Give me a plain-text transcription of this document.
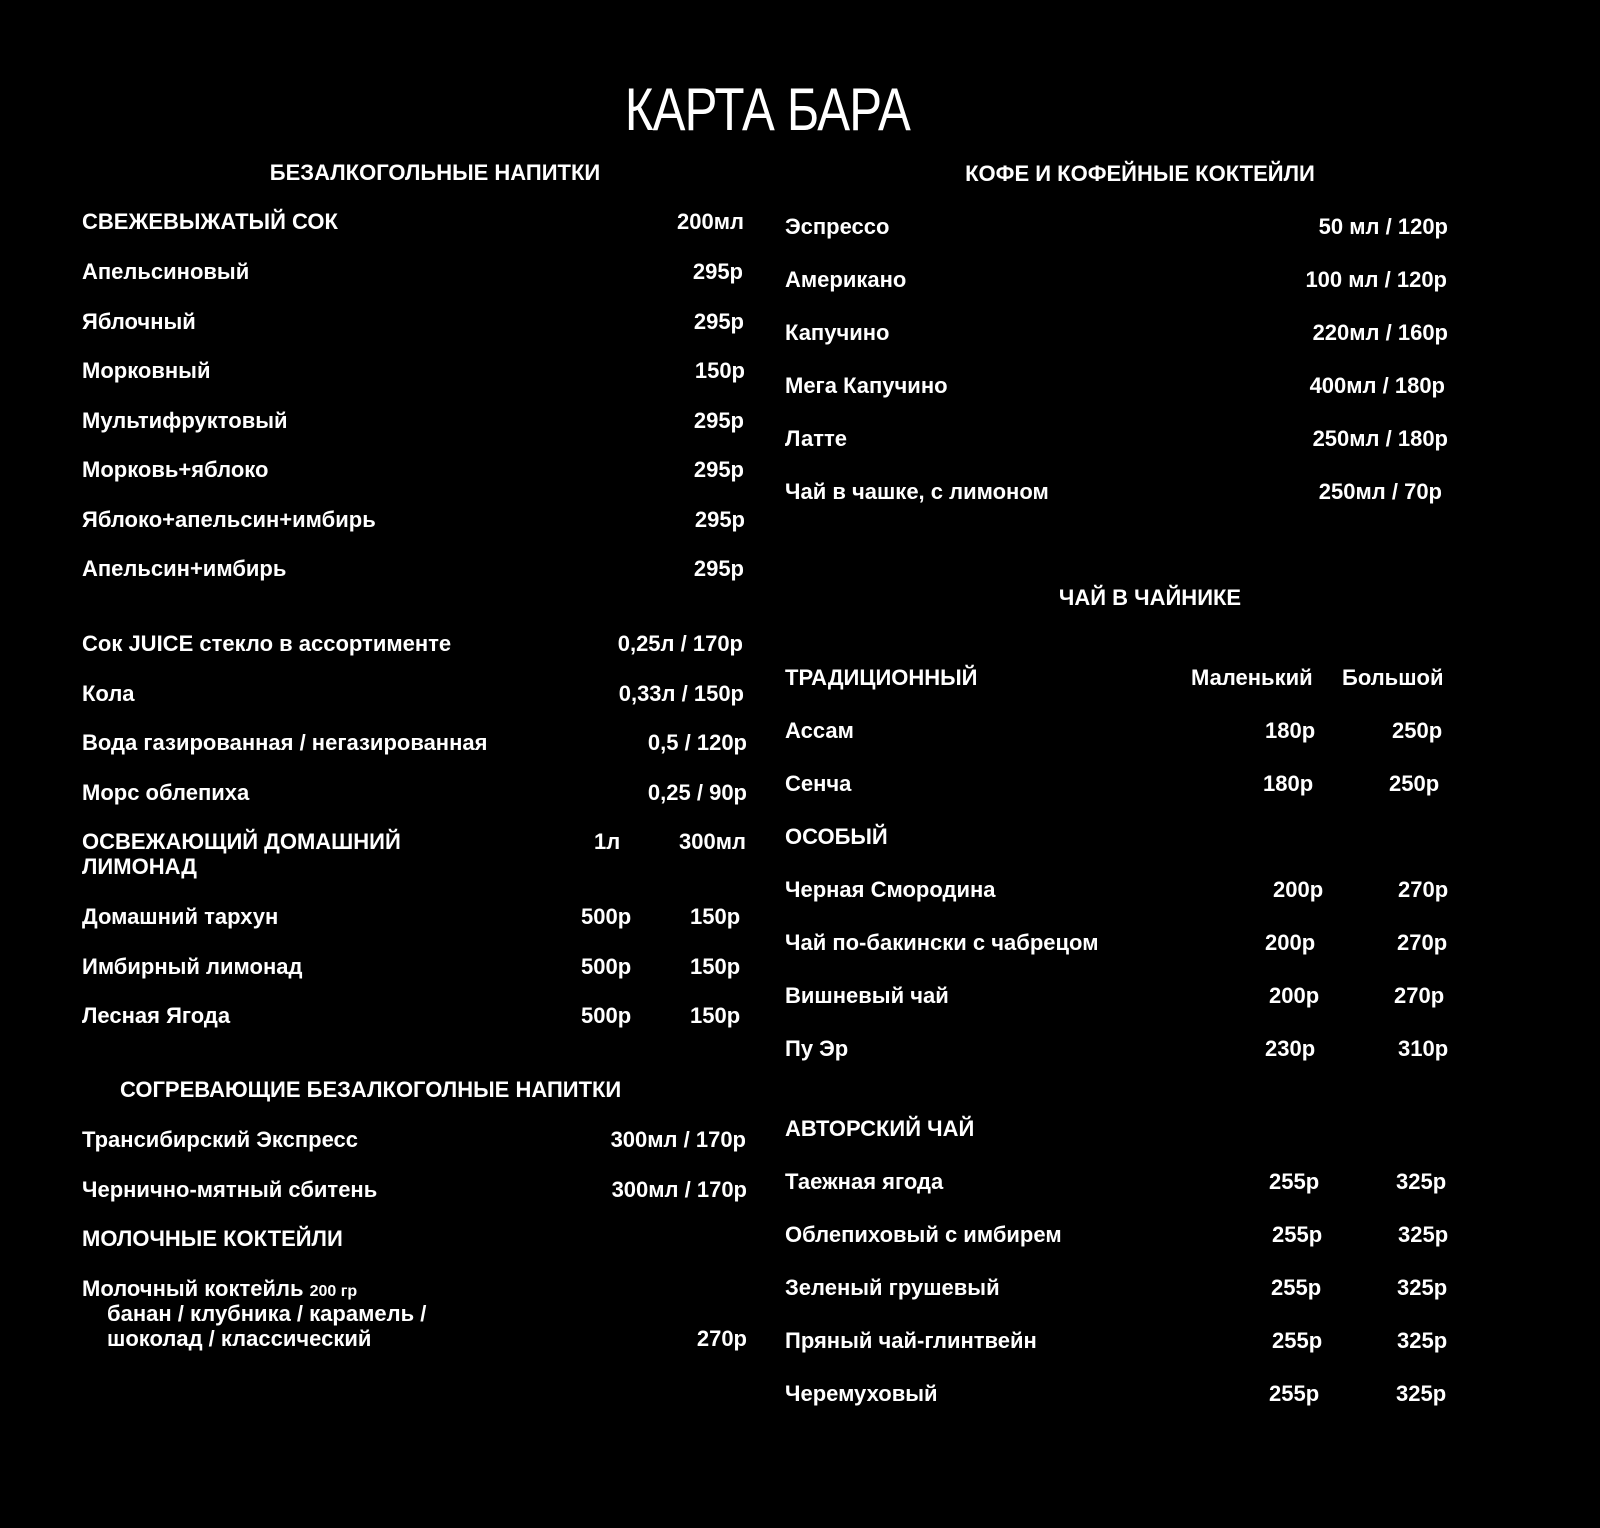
КАРТА БАРА
БЕЗАЛКОГОЛЬНЫЕ НАПИТКИ
СВЕЖЕВЫЖАТЫЙ СОК	200мл
Апельсиновый	295р
Яблочный	295р
Морковный	150р
Мультифруктовый	295р
Морковь+яблоко	295р
Яблоко+апельсин+имбирь	295р
Апельсин+имбирь	295р
Сок JUICE стекло в ассортименте	0,25л / 170р
Кола	0,33л / 150р
Вода газированная / негазированная	0,5 / 120р
Морс облепиха	0,25 / 90р
ОСВЕЖАЮЩИЙ ДОМАШНИЙ
ЛИМОНАД
1л	300мл
Домашний тархун	500р	150р
Имбирный лимонад	500р	150р
Лесная Ягода	500р	150р
СОГРЕВАЮЩИЕ БЕЗАЛКОГОЛНЫЕ НАПИТКИ
Трансибирский Экспресс	300мл / 170р
Чернично-мятный сбитень	300мл / 170р
МОЛОЧНЫЕ КОКТЕЙЛИ
Молочный коктейль 200 гр
банан / клубника / карамель /
шоколад / классический	270р
КОФЕ И КОФЕЙНЫЕ КОКТЕЙЛИ
Эспрессо	50 мл / 120р
Американо	100 мл / 120р
Капучино	220мл / 160р
Мега Капучино	400мл / 180р
Латте	250мл / 180р
Чай в чашке, с лимоном	250мл / 70р
ЧАЙ В ЧАЙНИКЕ
ТРАДИЦИОННЫЙ	Маленький Большой
Ассам	180р	250р
Сенча	180р	250р
ОСОБЫЙ
Черная Смородина	200р	270р
Чай по-бакински с чабрецом	200р	270р
Вишневый чай	200р	270р
Пу Эр	230р	310р
АВТОРСКИЙ ЧАЙ
Таежная ягода	255р	325р
Облепиховый с имбирем	255р	325р
Зеленый грушевый	255р	325р
Пряный чай-глинтвейн	255р	325р
Черемуховый	255р	325р
